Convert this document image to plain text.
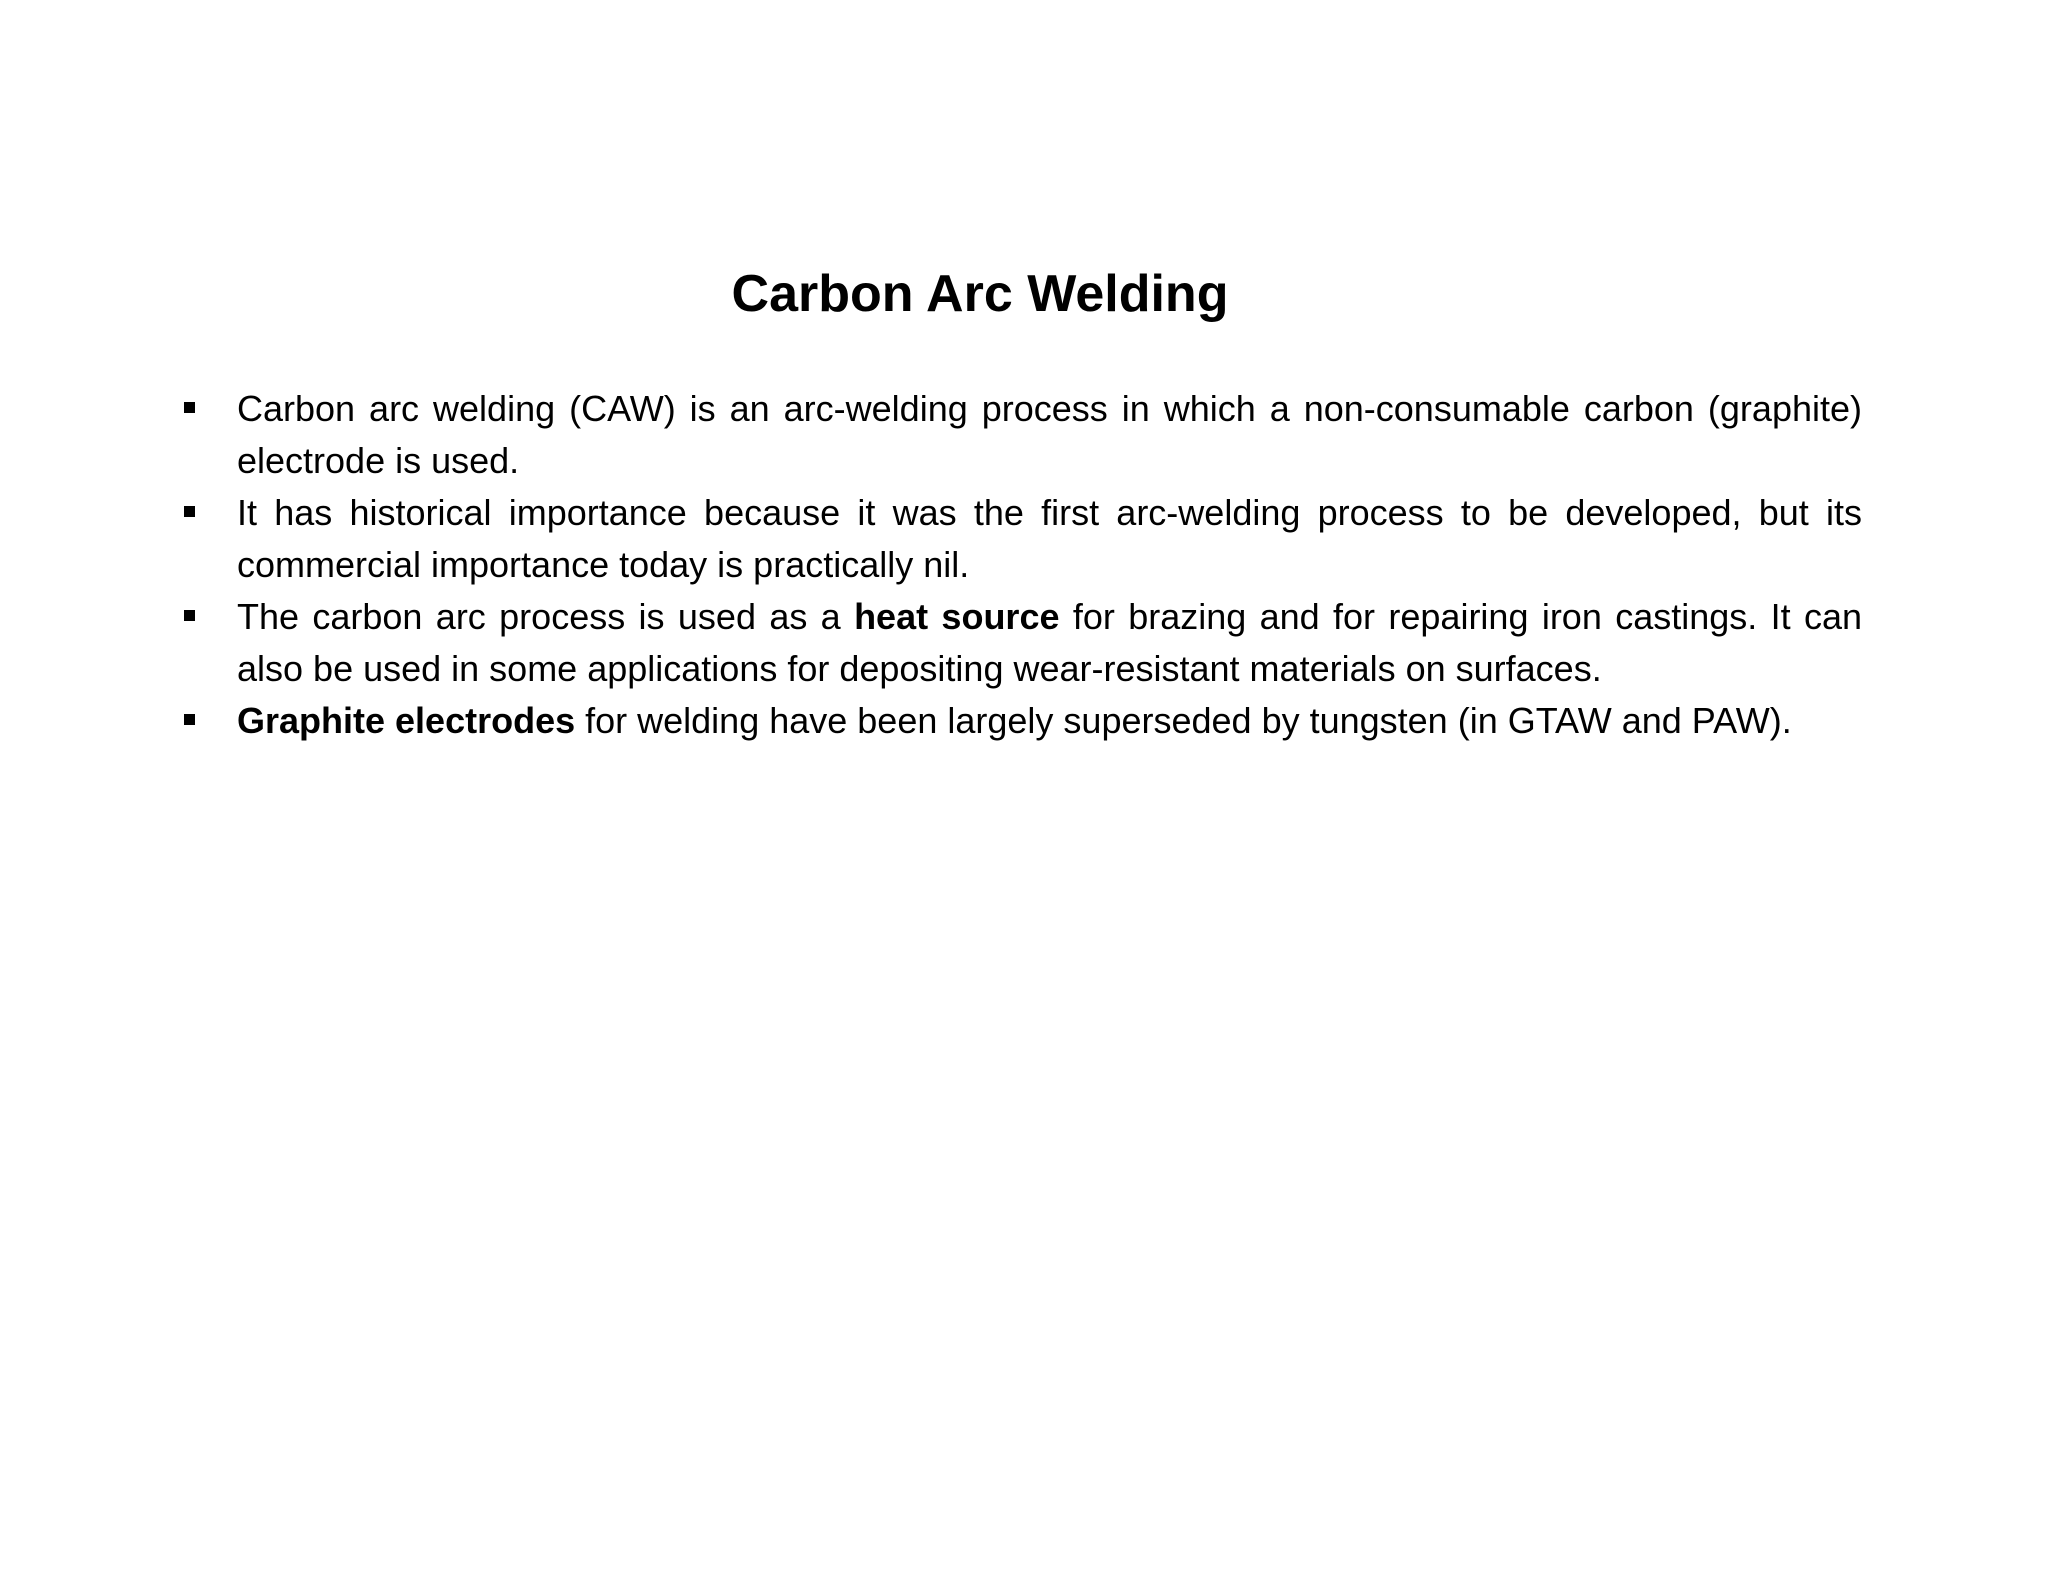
Carbon Arc Welding
Carbon arc welding (CAW) is an arc-welding process in which a non-consumable carbon (graphite) electrode is used.
It has historical importance because it was the first arc-welding process to be developed, but its commercial importance today is practically nil.
The carbon arc process is used as a heat source for brazing and for repairing iron castings. It can also be used in some applications for depositing wear-resistant materials on surfaces.
Graphite electrodes for welding have been largely superseded by tungsten (in GTAW and PAW).
